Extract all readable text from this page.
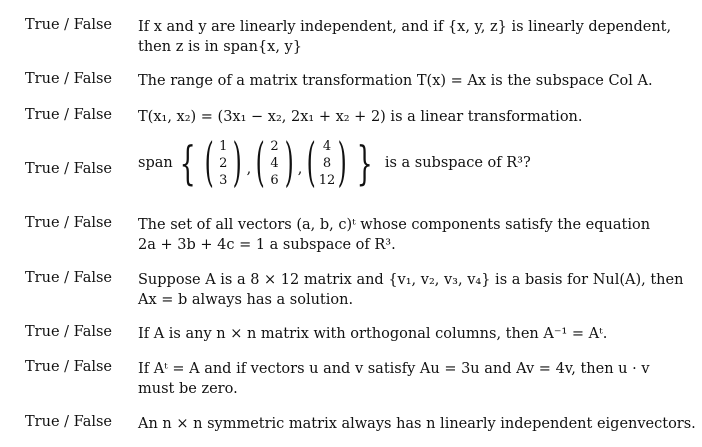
True / False If x and y are linearly independent, and if {x, y, z} is linearly dependent,
then z is in span{x, y}
True / False The range of a matrix transformation T(x) = Ax is the subspace Col A.
True / False T(x₁, x₂) = (3x₁ − x₂, 2x₁ + x₂ + 2) is a linear transformation.
True / False span { ( 1
2
3 ) , ( 2
4
6 ) , ( 4
8
12 ) } is a subspace of R³?
True / False The set of all vectors (a, b, c)ᵗ whose components satisfy the equation
2a + 3b + 4c = 1 a subspace of R³.
True / False Suppose A is a 8 × 12 matrix and {v₁, v₂, v₃, v₄} is a basis for Nul(A), then
Ax = b always has a solution.
True / False If A is any n × n matrix with orthogonal columns, then A⁻¹ = Aᵗ.
True / False If Aᵗ = A and if vectors u and v satisfy Au = 3u and Av = 4v, then u · v
must be zero.
True / False An n × n symmetric matrix always has n linearly independent eigenvectors.
